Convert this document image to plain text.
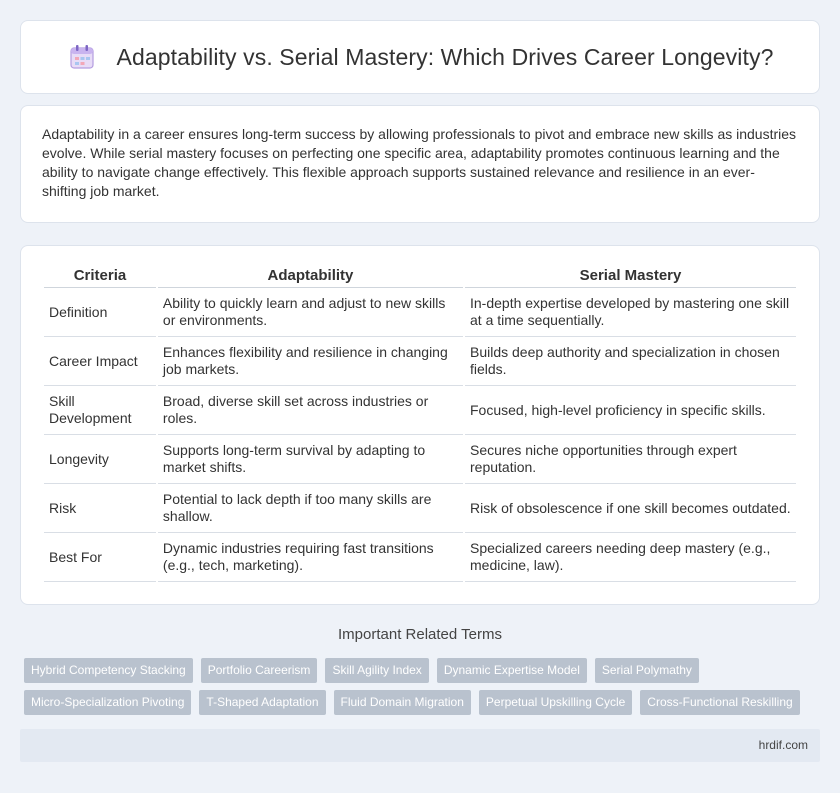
Adaptability vs. Serial Mastery: Which Drives Career Longevity?

Adaptability in a career ensures long-term success by allowing professionals to pivot and embrace new skills as industries evolve. While serial mastery focuses on perfecting one specific area, adaptability promotes continuous learning and the ability to navigate change effectively. This flexible approach supports sustained relevance and resilience in an ever-shifting job market.

Criteria	Adaptability	Serial Mastery
Definition	Ability to quickly learn and adjust to new skills or environments.	In-depth expertise developed by mastering one skill at a time sequentially.
Career Impact	Enhances flexibility and resilience in changing job markets.	Builds deep authority and specialization in chosen fields.
Skill Development	Broad, diverse skill set across industries or roles.	Focused, high-level proficiency in specific skills.
Longevity	Supports long-term survival by adapting to market shifts.	Secures niche opportunities through expert reputation.
Risk	Potential to lack depth if too many skills are shallow.	Risk of obsolescence if one skill becomes outdated.
Best For	Dynamic industries requiring fast transitions (e.g., tech, marketing).	Specialized careers needing deep mastery (e.g., medicine, law).
Important Related Terms
Hybrid Competency Stacking	Portfolio Careerism	Skill Agility Index	Dynamic Expertise Model	Serial Polymathy
Micro-Specialization Pivoting	T-Shaped Adaptation	Fluid Domain Migration	Perpetual Upskilling Cycle	Cross-Functional Reskilling
hrdif.com
